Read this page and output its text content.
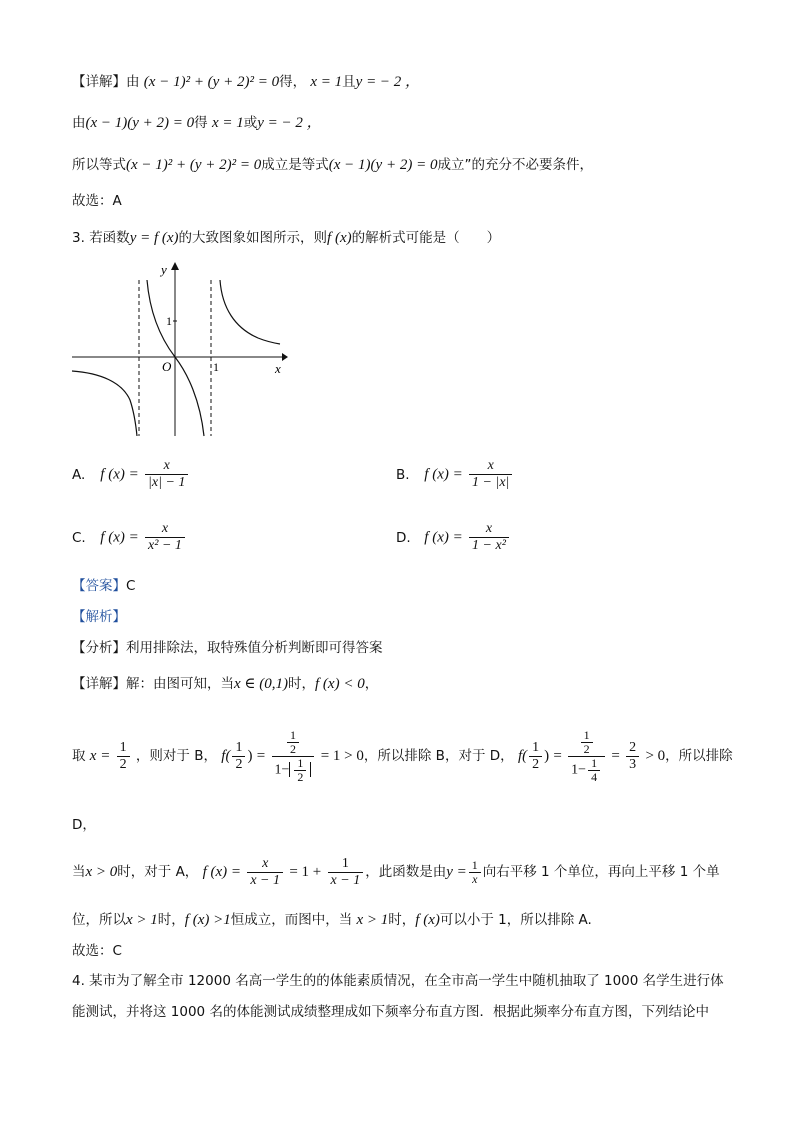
【详解】由 (x − 1)² + (y + 2)² = 0得， x = 1且y = − 2 ，
由(x − 1)(y + 2) = 0得 x = 1或y = − 2 ，
所以等式(x − 1)² + (y + 2)² = 0成立是等式(x − 1)(y + 2) = 0成立”的充分不必要条件，
故选：A
3. 若函数y = f (x)的大致图象如图所示，则f (x)的解析式可能是（　　）
y
x
O
1
1
A. f $(x) = \frac{x}{|x| - 1}$	B. f $(x) = \frac{x}{1 - |x|}$
C. f $(x) = \frac{x}{\text{x² − 1}}$	D. f $(x) = \frac{x}{\text{1 − x²}}$
【答案】C
【解析】
【分析】利用排除法，取特殊值分析判断即可得答案
【详解】解：由图可知，当x ∈ (0,1)时，f (x) < 0，
取 $x = \frac{1}{2}$ ，则对于 B， $f( \frac{1}{2}$ ) = $\frac{\frac{1}{2}}{1- \frac{1}{2}} = 1 > 0$，所以排除 B，对于 D， $f( \frac{1}{2}$ ) = $\frac{\frac{1}{2}}{1- \frac{1}{4}} = \frac{2}{3} > 0$，所以排除
D，
当x > 0时，对于 A， f $(x) = \frac{x}{x - 1} = 1 + \frac{1}{x - 1}$ ，此函数是由$y = \frac{1}{x}$ 向右平移 1 个单位，再向上平移 1 个单
位，所以x > 1时，f (x) >1恒成立，而图中，当 x > 1时，f (x)可以小于 1，所以排除 A.
故选：C
4. 某市为了解全市 12000 名高一学生的的体能素质情况，在全市高一学生中随机抽取了 1000 名学生进行体
能测试，并将这 1000 名的体能测试成绩整理成如下频率分布直方图．根据此频率分布直方图，下列结论中
